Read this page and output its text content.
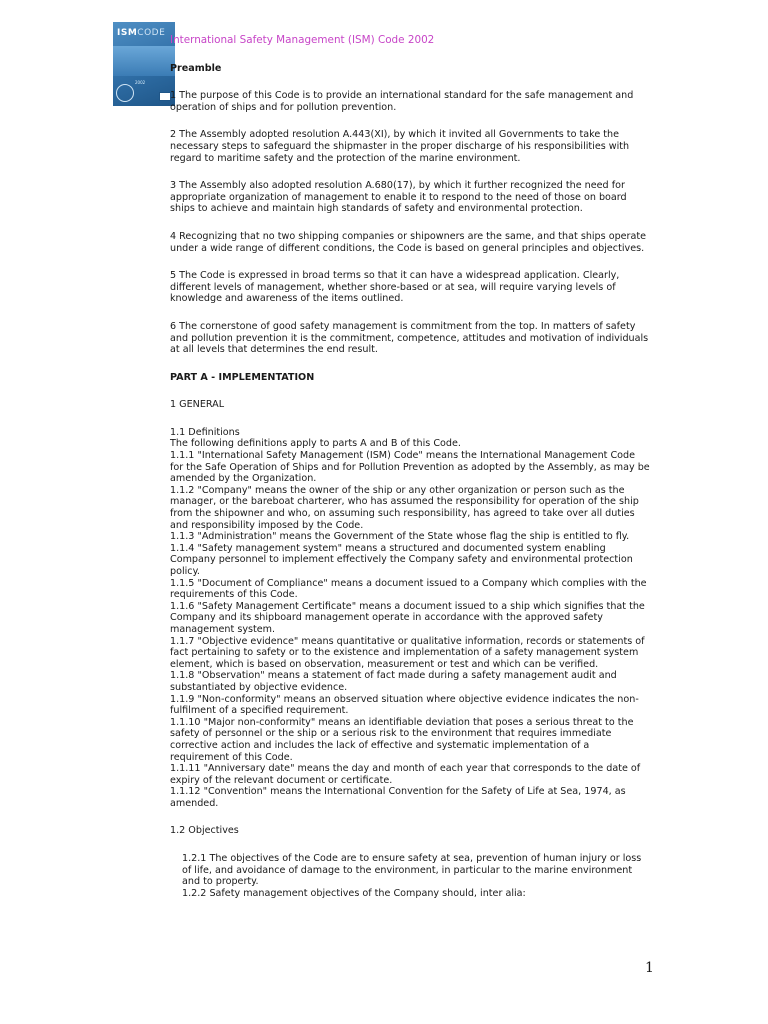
ISMCODE
2002

International Safety Management (ISM) Code 2002

Preamble

1 The purpose of this Code is to provide an international standard for the safe management and operation of ships and for pollution prevention.

2 The Assembly adopted resolution A.443(XI), by which it invited all Governments to take the necessary steps to safeguard the shipmaster in the proper discharge of his responsibilities with regard to maritime safety and the protection of the marine environment.

3 The Assembly also adopted resolution A.680(17), by which it further recognized the need for appropriate organization of management to enable it to respond to the need of those on board ships to achieve and maintain high standards of safety and environmental protection.

4 Recognizing that no two shipping companies or shipowners are the same, and that ships operate under a wide range of different conditions, the Code is based on general principles and objectives.

5 The Code is expressed in broad terms so that it can have a widespread application. Clearly, different levels of management, whether shore-based or at sea, will require varying levels of knowledge and awareness of the items outlined.

6 The cornerstone of good safety management is commitment from the top. In matters of safety and pollution prevention it is the commitment, competence, attitudes and motivation of individuals at all levels that determines the end result.

PART A - IMPLEMENTATION

1 GENERAL

1.1 Definitions

The following definitions apply to parts A and B of this Code.

1.1.1 "International Safety Management (ISM) Code" means the International Management Code for the Safe Operation of Ships and for Pollution Prevention as adopted by the Assembly, as may be amended by the Organization.

1.1.2 "Company" means the owner of the ship or any other organization or person such as the manager, or the bareboat charterer, who has assumed the responsibility for operation of the ship from the shipowner and who, on assuming such responsibility, has agreed to take over all duties and responsibility imposed by the Code.

1.1.3 "Administration" means the Government of the State whose flag the ship is entitled to fly.

1.1.4 "Safety management system" means a structured and documented system enabling Company personnel to implement effectively the Company safety and environmental protection policy.

1.1.5 "Document of Compliance" means a document issued to a Company which complies with the requirements of this Code.

1.1.6 "Safety Management Certificate" means a document issued to a ship which signifies that the Company and its shipboard management operate in accordance with the approved safety management system.

1.1.7 "Objective evidence" means quantitative or qualitative information, records or statements of fact pertaining to safety or to the existence and implementation of a safety management system element, which is based on observation, measurement or test and which can be verified.

1.1.8 "Observation" means a statement of fact made during a safety management audit and substantiated by objective evidence.

1.1.9 "Non-conformity" means an observed situation where objective evidence indicates the non-fulfilment of a specified requirement.

1.1.10 "Major non-conformity" means an identifiable deviation that poses a serious threat to the safety of personnel or the ship or a serious risk to the environment that requires immediate corrective action and includes the lack of effective and systematic implementation of a requirement of this Code.

1.1.11 "Anniversary date" means the day and month of each year that corresponds to the date of expiry of the relevant document or certificate.

1.1.12 "Convention" means the International Convention for the Safety of Life at Sea, 1974, as amended.

1.2 Objectives

1.2.1 The objectives of the Code are to ensure safety at sea, prevention of human injury or loss of life, and avoidance of damage to the environment, in particular to the marine environment and to property.

1.2.2 Safety management objectives of the Company should, inter alia:

1
